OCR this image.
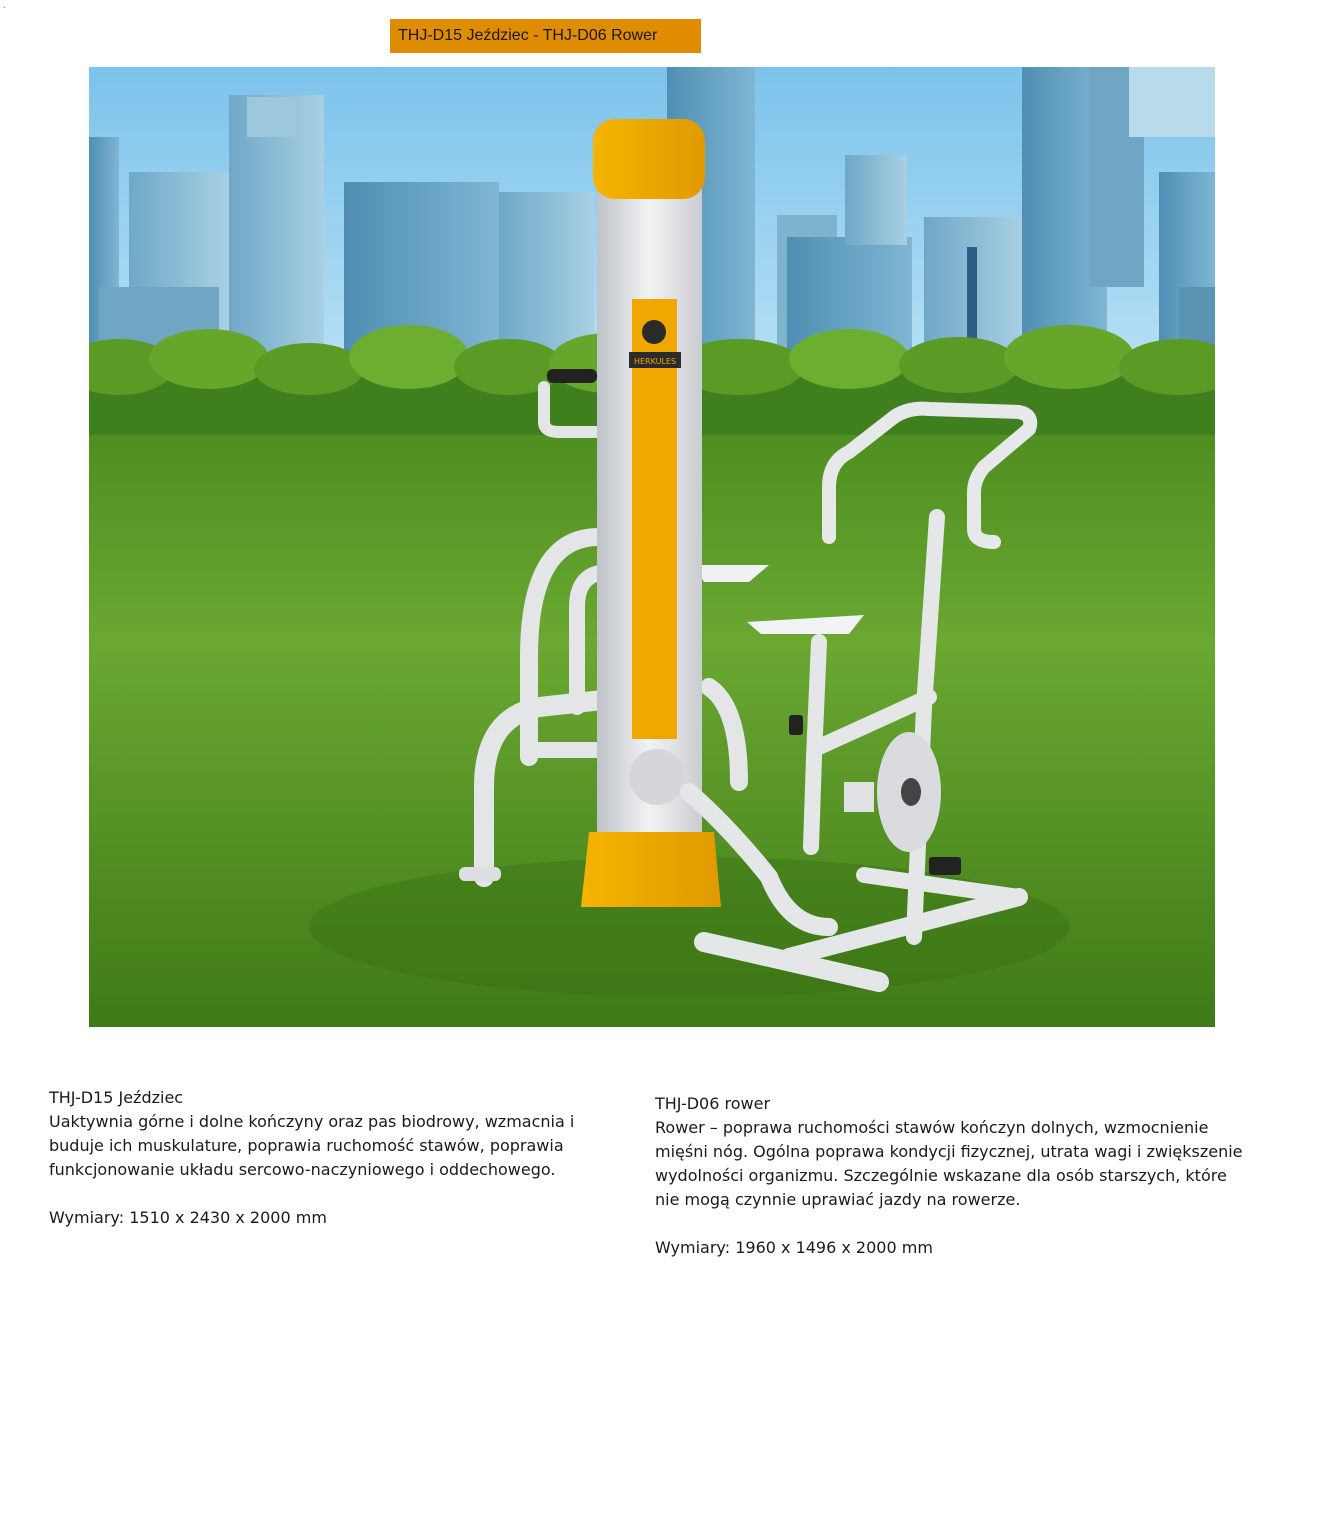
.
THJ-D15 Jeździec - THJ-D06 Rower
HERKULES

THJ-D15 Jeździec

Uaktywnia górne i dolne kończyny oraz pas biodrowy, wzmacnia i buduje ich muskulature, poprawia ruchomość stawów, poprawia funkcjonowanie układu sercowo-naczyniowego i oddechowego.

Wymiary: 1510 x 2430 x 2000 mm

THJ-D06 rower

Rower – poprawa ruchomości stawów kończyn dolnych, wzmocnienie mięśni nóg. Ogólna poprawa kondycji fizycznej, utrata wagi i zwiększenie wydolności organizmu. Szczególnie wskazane dla osób starszych, które nie mogą czynnie uprawiać jazdy na rowerze.

Wymiary: 1960 x 1496 x 2000 mm
